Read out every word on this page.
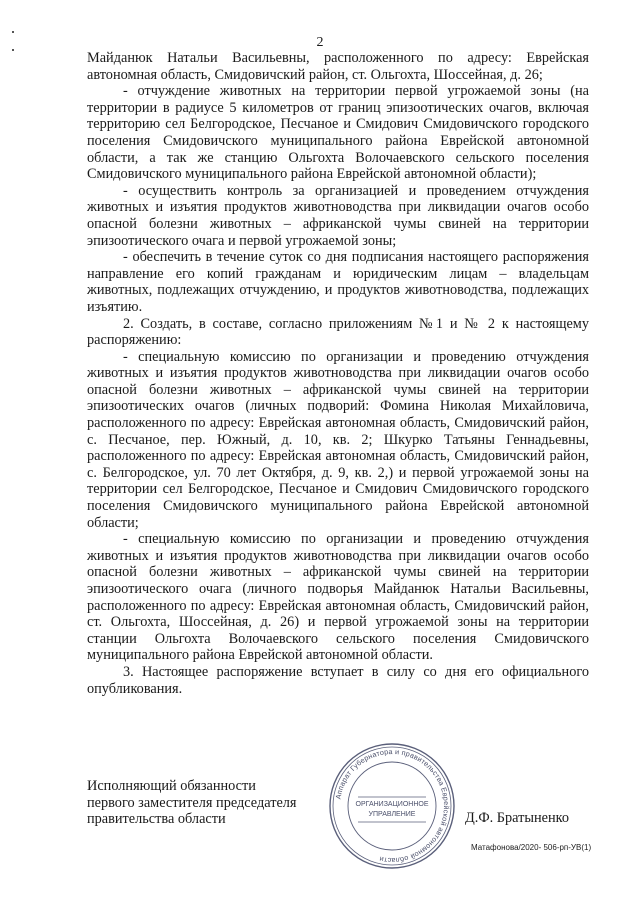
2

Майданюк Натальи Васильевны, расположенного по адресу: Еврейская автономная область, Смидовичский район, ст. Ольгохта, Шоссейная, д. 26;

- отчуждение животных на территории первой угрожаемой зоны (на территории в радиусе 5 километров от границ эпизоотических очагов, включая территорию сел Белгородское, Песчаное и Смидович Смидовичского городского поселения Смидовичского муниципального района Еврейской автономной области, а так же станцию Ольгохта Волочаевского сельского поселения Смидовичского муниципального района Еврейской автономной области);

- осуществить контроль за организацией и проведением отчуждения животных и изъятия продуктов животноводства при ликвидации очагов особо опасной болезни животных – африканской чумы свиней на территории эпизоотического очага и первой угрожаемой зоны;

- обеспечить в течение суток со дня подписания настоящего распоряжения направление его копий гражданам и юридическим лицам – владельцам животных, подлежащих отчуждению, и продуктов животноводства, подлежащих изъятию.

2. Создать, в составе, согласно приложениям №1 и № 2 к настоящему распоряжению:

- специальную комиссию по организации и проведению отчуждения животных и изъятия продуктов животноводства при ликвидации очагов особо опасной болезни животных – африканской чумы свиней на территории эпизоотических очагов (личных подворий: Фомина Николая Михайловича, расположенного по адресу: Еврейская автономная область, Смидовичский район, с. Песчаное, пер. Южный, д. 10, кв. 2; Шкурко Татьяны Геннадьевны, расположенного по адресу: Еврейская автономная область, Смидовичский район, с. Белгородское, ул. 70 лет Октября, д. 9, кв. 2,) и первой угрожаемой зоны на территории сел Белгородское, Песчаное и Смидович Смидовичского городского поселения Смидовичского муниципального района Еврейской автономной области;

- специальную комиссию по организации и проведению отчуждения животных и изъятия продуктов животноводства при ликвидации очагов особо опасной болезни животных – африканской чумы свиней на территории эпизоотического очага (личного подворья Майданюк Натальи Васильевны, расположенного по адресу: Еврейская автономная область, Смидовичский район, ст. Ольгохта, Шоссейная, д. 26) и первой угрожаемой зоны на территории станции Ольгохта Волочаевского сельского поселения Смидовичского муниципального района Еврейской автономной области.

3. Настоящее распоряжение вступает в силу со дня его официального опубликования.

Исполняющий обязанности
первого заместителя председателя
правительства области
Аппарат Губернатора и правительства Еврейской автономной области
ОРГАНИЗАЦИОННОЕ
УПРАВЛЕНИЕ	Д.Ф. Братыненко
Матафонова/2020- 506-рп-УВ(1)
